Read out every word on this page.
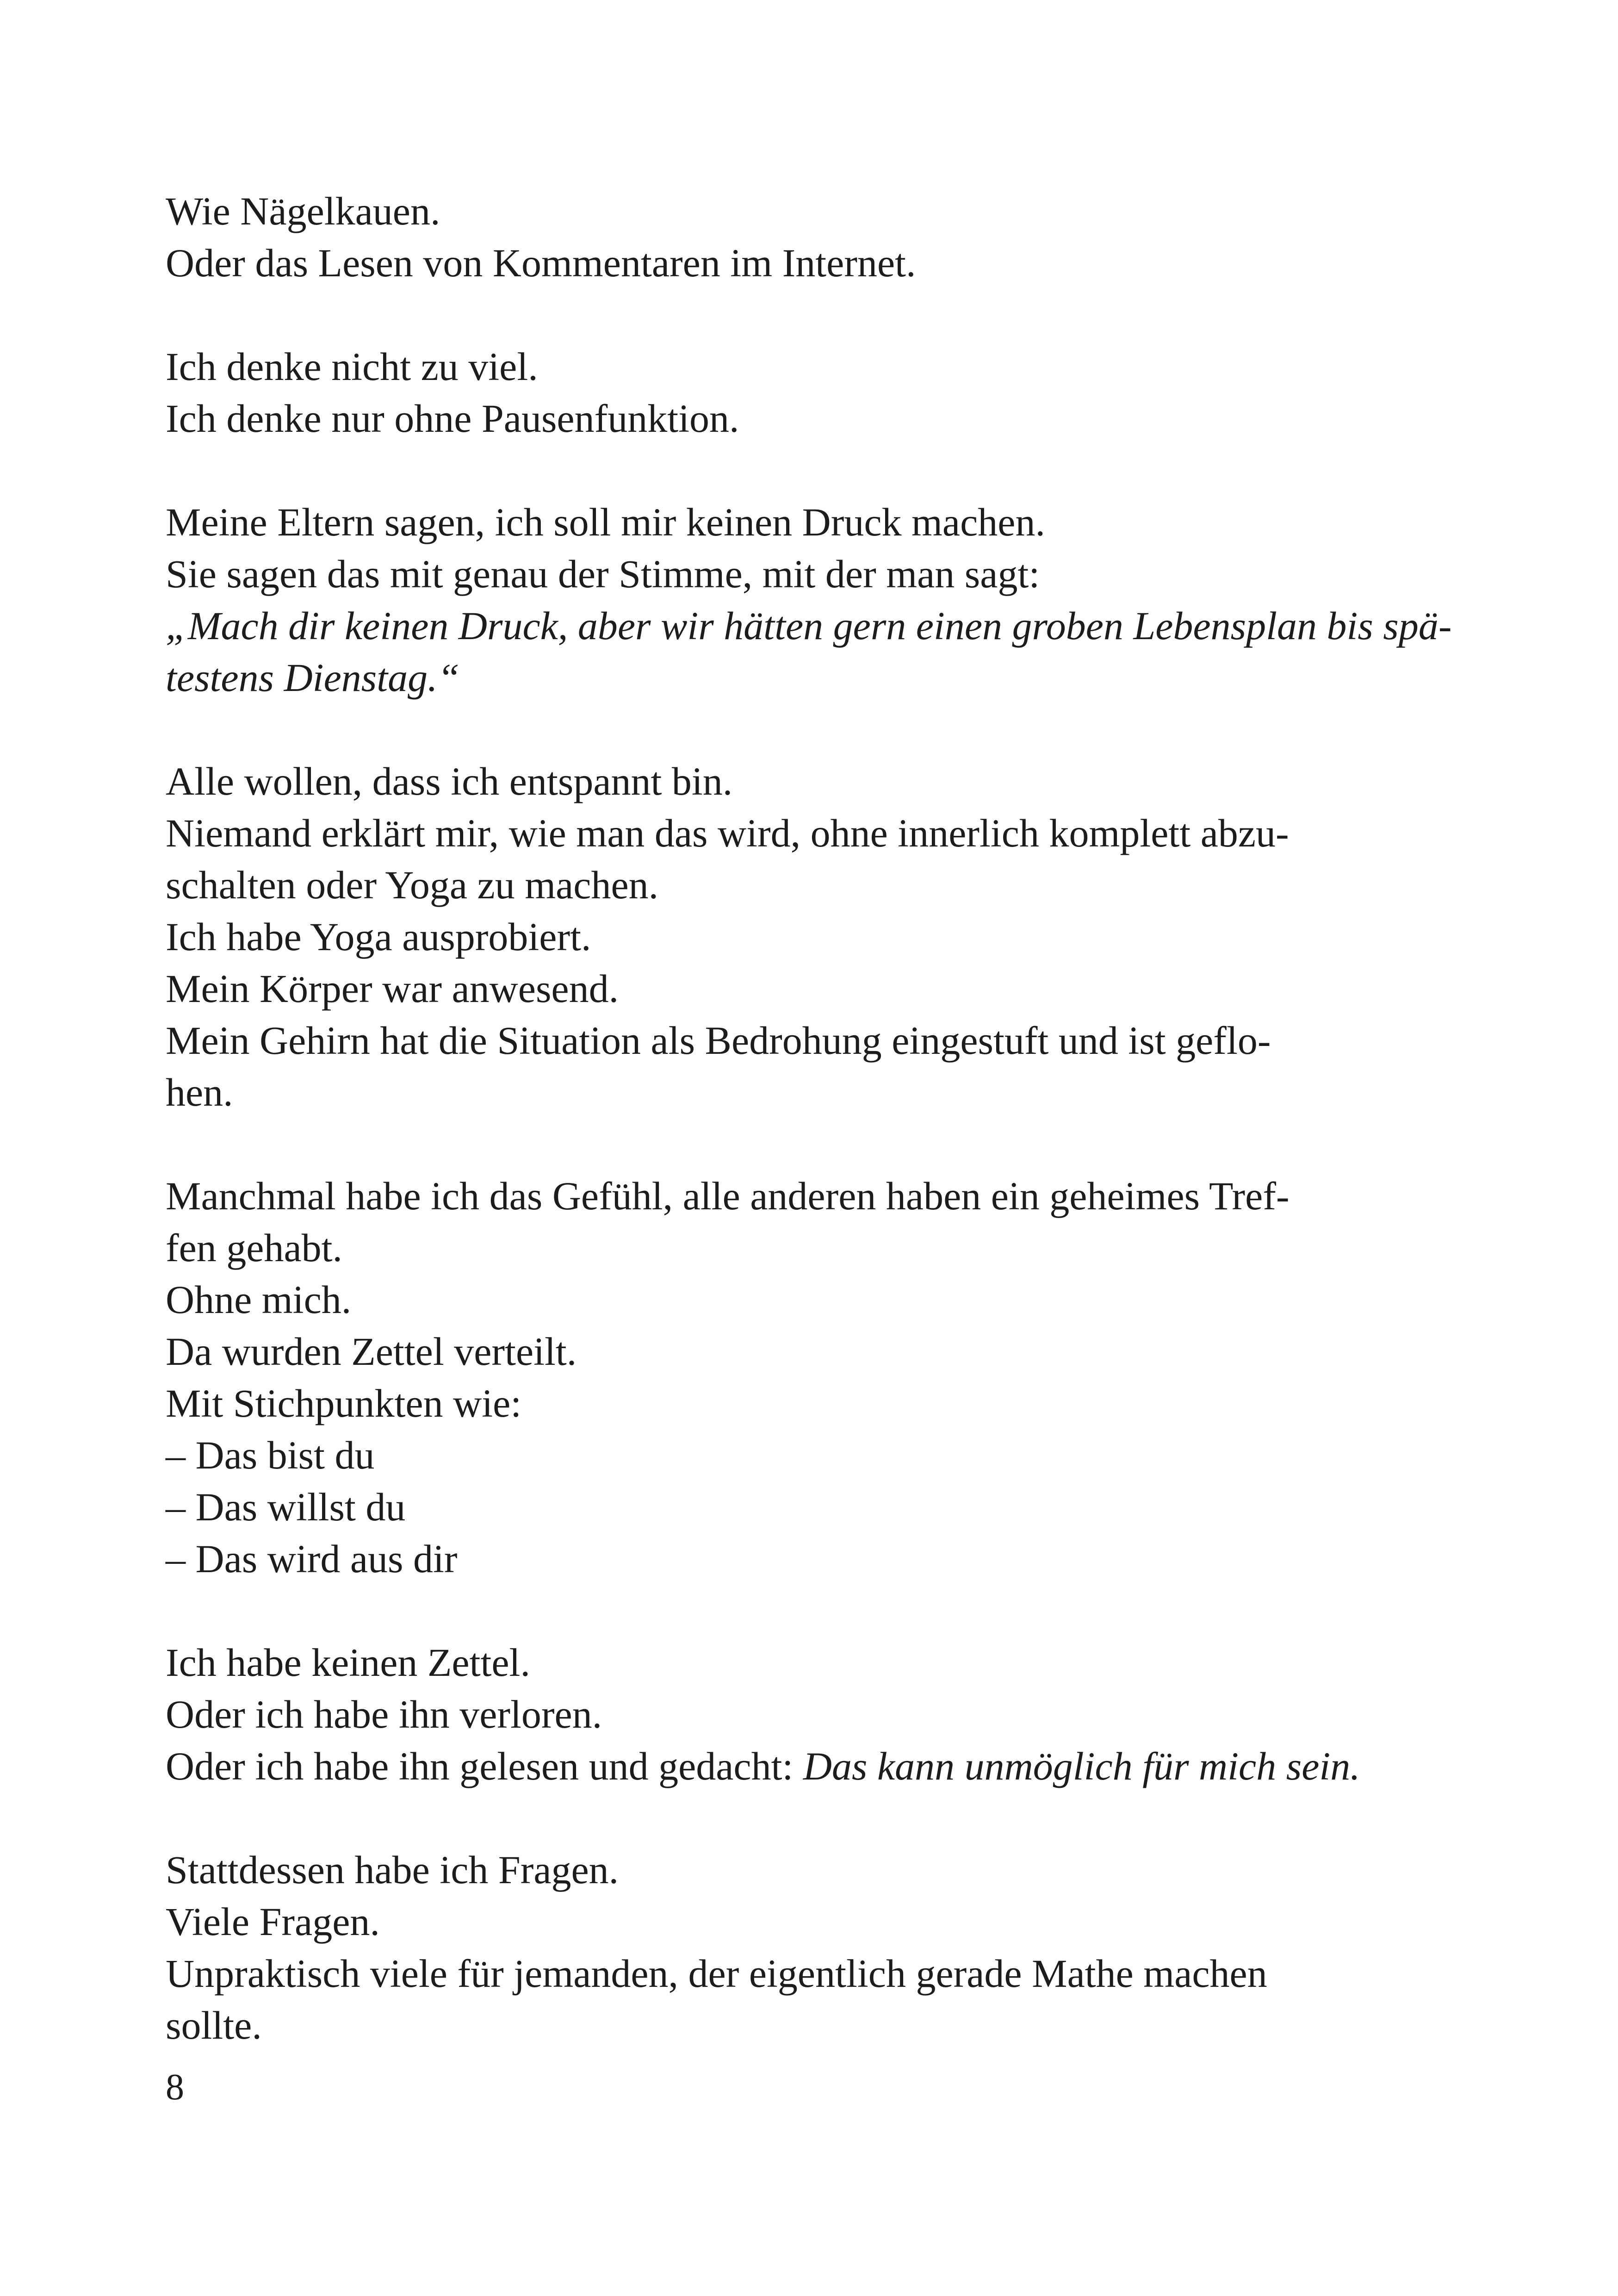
Wie Nägelkauen.
Oder das Lesen von Kommentaren im Internet.
Ich denke nicht zu viel.
Ich denke nur ohne Pausenfunktion.
Meine Eltern sagen, ich soll mir keinen Druck machen.
Sie sagen das mit genau der Stimme, mit der man sagt:
„Mach dir keinen Druck, aber wir hätten gern einen groben Lebensplan bis spä-
testens Dienstag.“
Alle wollen, dass ich entspannt bin.
Niemand erklärt mir, wie man das wird, ohne innerlich komplett abzu-
schalten oder Yoga zu machen.
Ich habe Yoga ausprobiert.
Mein Körper war anwesend.
Mein Gehirn hat die Situation als Bedrohung eingestuft und ist geflo-
hen.
Manchmal habe ich das Gefühl, alle anderen haben ein geheimes Tref-
fen gehabt.
Ohne mich.
Da wurden Zettel verteilt.
Mit Stichpunkten wie:
– Das bist du
– Das willst du
– Das wird aus dir
Ich habe keinen Zettel.
Oder ich habe ihn verloren.
Oder ich habe ihn gelesen und gedacht: Das kann unmöglich für mich sein.
Stattdessen habe ich Fragen.
Viele Fragen.
Unpraktisch viele für jemanden, der eigentlich gerade Mathe machen
sollte.
8
